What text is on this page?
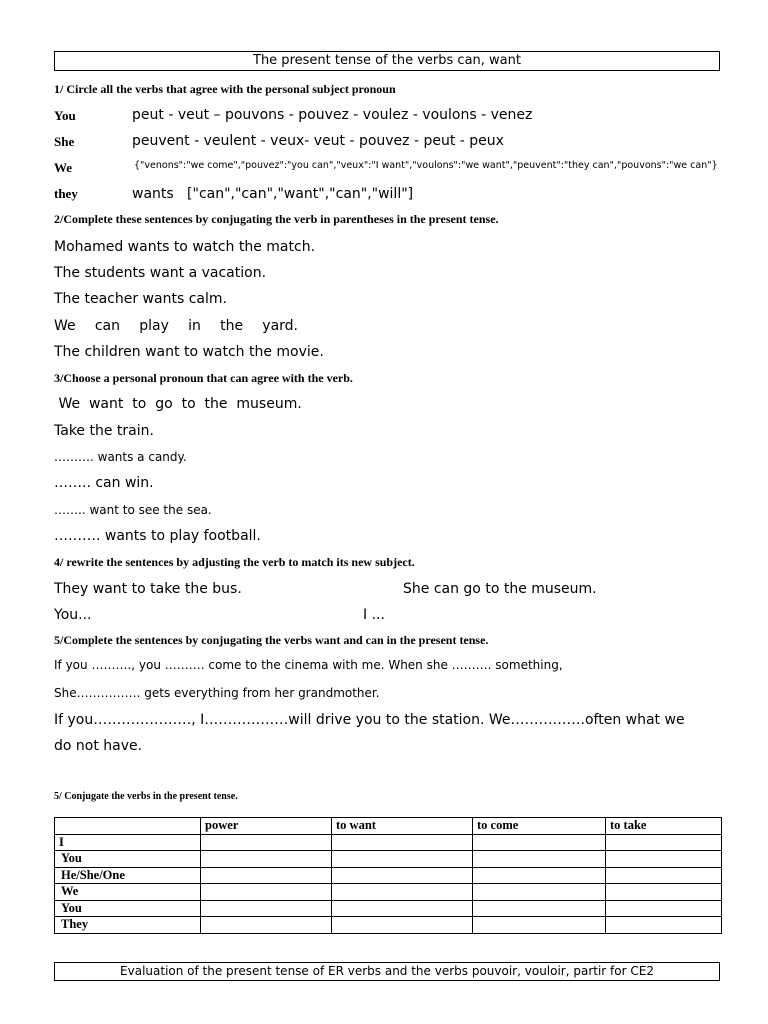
The present tense of the verbs can, want
1/ Circle all the verbs that agree with the personal subject pronoun
You	peut - veut – pouvons - pouvez - voulez - voulons - venez
She	peuvent - veulent - veux- veut - pouvez - peut - peux
We	{"venons":"we come","pouvez":"you can","veux":"I want","voulons":"we want","peuvent":"they can","pouvons":"we can"}
they	wants   ["can","can","want","can","will"]
2/Complete these sentences by conjugating the verb in parentheses in the present tense.
Mohamed wants to watch the match.
The students want a vacation.
The teacher wants calm.
We can play in the yard.
The children want to watch the movie.
3/Choose a personal pronoun that can agree with the verb.
We  want  to  go  to  the  museum.
Take the train.
………. wants a candy.
…….. can win.
…….. want to see the sea.
………. wants to play football.
4/ rewrite the sentences by adjusting the verb to match its new subject.
They want to take the bus.	She can go to the museum.
You...	I ...
5/Complete the sentences by conjugating the verbs want and can in the present tense.
If you ………., you ………. come to the cinema with me. When she ………. something,
She……………. gets everything from her grandmother.
If you…………………, I………………will drive you to the station. We…………….often what we
do not have.
5/ Conjugate the verbs in the present tense.
	power	to want	to come	to take
I				
You				
He/She/One				
We				
You				
They				
Evaluation of the present tense of ER verbs and the verbs pouvoir, vouloir, partir for CE2
